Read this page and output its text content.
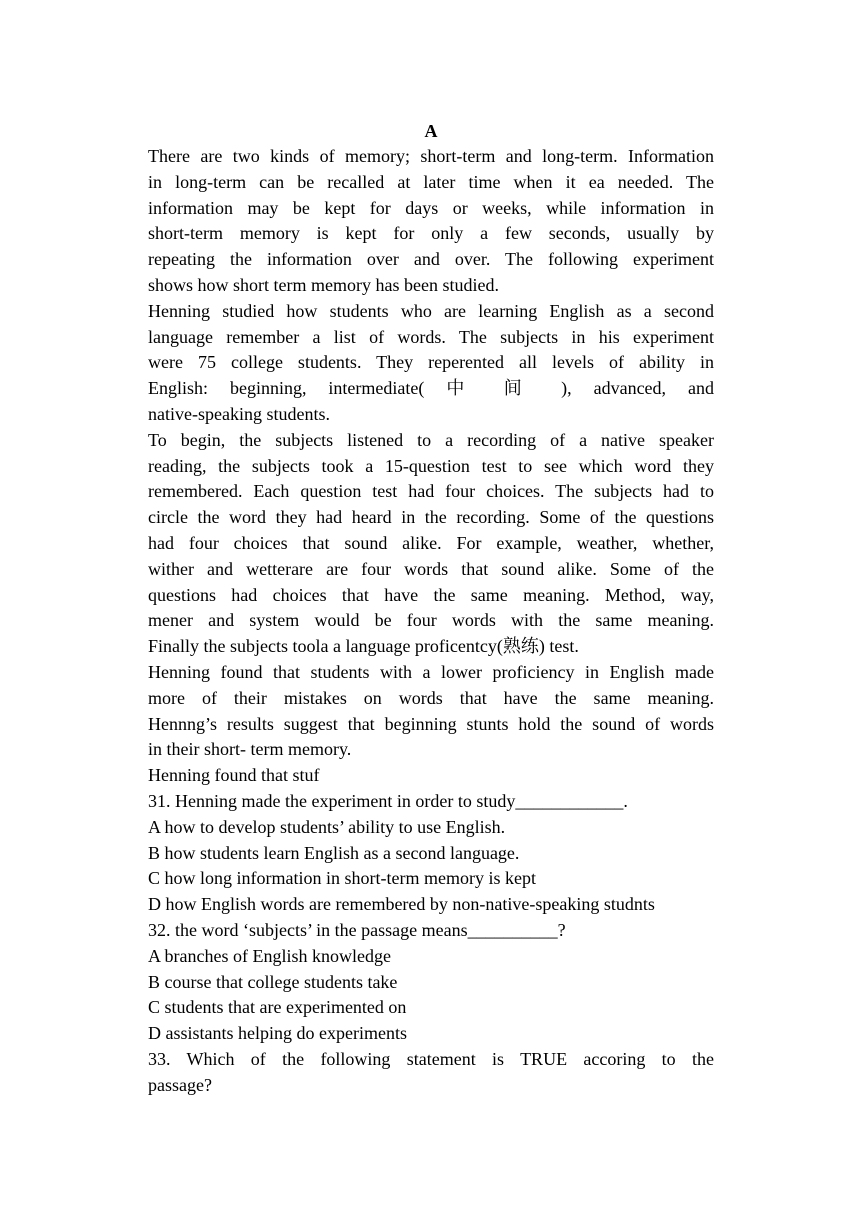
A
There are two kinds of memory; short-term and long-term. Information
in long-term can be recalled at later time when it ea needed. The
information may be kept for days or weeks, while information in
short-term memory is kept for only a few seconds, usually by
repeating the information over and over. The following experiment
shows how short term memory has been studied.
Henning studied how students who are learning English as a second
language remember a list of words. The subjects in his experiment
were 75 college students. They reperented all levels of ability in
English: beginning, intermediate( 中 间 ), advanced, and
native-speaking students.
To begin, the subjects listened to a recording of a native speaker
reading, the subjects took a 15-question test to see which word they
remembered. Each question test had four choices. The subjects had to
circle the word they had heard in the recording. Some of the questions
had four choices that sound alike. For example, weather, whether,
wither and wetterare are four words that sound alike. Some of the
questions had choices that have the same meaning. Method, way,
mener and system would be four words with the same meaning.
Finally the subjects toola a language proficentcy(熟练) test.
Henning found that students with a lower proficiency in English made
more of their mistakes on words that have the same meaning.
Hennng’s results suggest that beginning stunts hold the sound of words
in their short- term memory.
Henning found that stuf
31. Henning made the experiment in order to study____________.
A how to develop students’ ability to use English.
B how students learn English as a second language.
C how long information in short-term memory is kept
D how English words are remembered by non-native-speaking studnts
32. the word ‘subjects’ in the passage means__________?
A branches of English knowledge
B course that college students take
C students that are experimented on
D assistants helping do experiments
33. Which of the following statement is TRUE accoring to the
passage?
